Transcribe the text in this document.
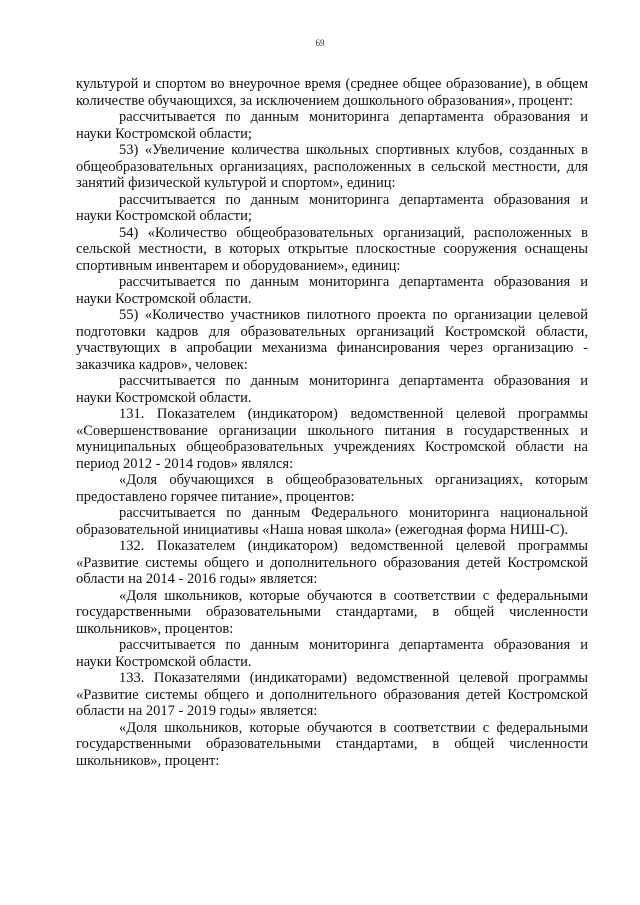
69

культурой и спортом во внеурочное время (среднее общее образование), в общем количестве обучающихся, за исключением дошкольного образования», процент:

рассчитывается по данным мониторинга департамента образования и науки Костромской области;

53) «Увеличение количества школьных спортивных клубов, созданных в общеобразовательных организациях, расположенных в сельской местности, для занятий физической культурой и спортом», единиц:

рассчитывается по данным мониторинга департамента образования и науки Костромской области;

54) «Количество общеобразовательных организаций, расположенных в сельской местности, в которых открытые плоскостные сооружения оснащены спортивным инвентарем и оборудованием», единиц:

рассчитывается по данным мониторинга департамента образования и науки Костромской области.

55) «Количество участников пилотного проекта по организации целевой подготовки кадров для образовательных организаций Костромской области, участвующих в апробации механизма финансирования через организацию - заказчика кадров», человек:

рассчитывается по данным мониторинга департамента образования и науки Костромской области.

131. Показателем (индикатором) ведомственной целевой программы «Совершенствование организации школьного питания в государственных и муниципальных общеобразовательных учреждениях Костромской области на период 2012 - 2014 годов» являлся:

«Доля обучающихся в общеобразовательных организациях, которым предоставлено горячее питание», процентов:

рассчитывается по данным Федерального мониторинга национальной образовательной инициативы «Наша новая школа» (ежегодная форма НИШ-С).

132. Показателем (индикатором) ведомственной целевой программы «Развитие системы общего и дополнительного образования детей Костромской области на 2014 - 2016 годы» является:

«Доля школьников, которые обучаются в соответствии с федеральными государственными образовательными стандартами, в общей численности школьников», процентов:

рассчитывается по данным мониторинга департамента образования и науки Костромской области.

133. Показателями (индикаторами) ведомственной целевой программы «Развитие системы общего и дополнительного образования детей Костромской области на 2017 - 2019 годы» является:

«Доля школьников, которые обучаются в соответствии с федеральными государственными образовательными стандартами, в общей численности школьников», процент:
